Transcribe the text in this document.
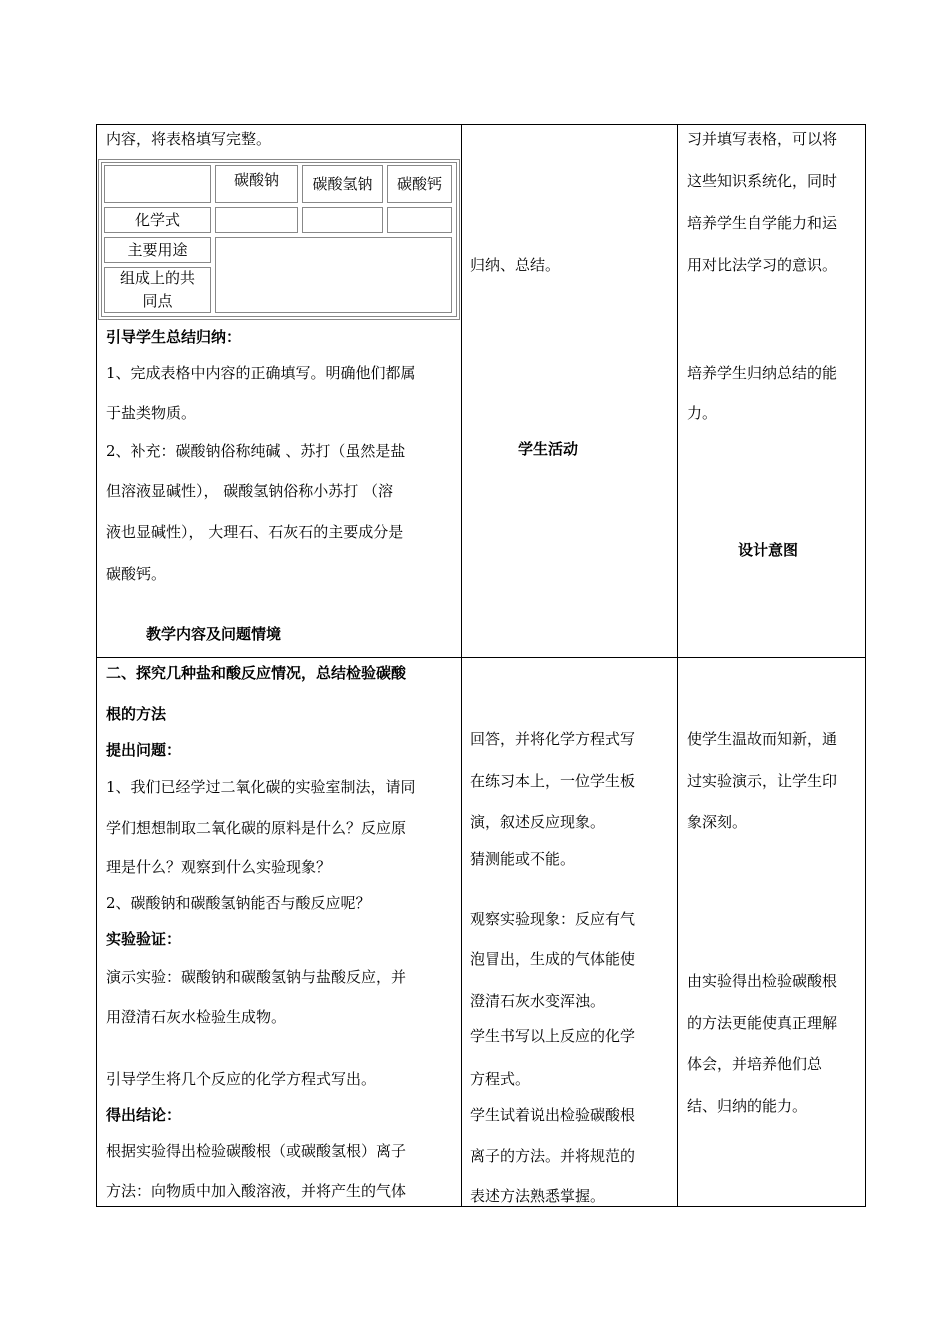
内容，将表格填写完整。
碳酸钠	碳酸氢钠	碳酸钙
化学式
主要用途
组成上的共同点
引导学生总结归纳：
1、完成表格中内容的正确填写。明确他们都属
于盐类物质。
2、补充：碳酸钠俗称纯碱 、苏打（虽然是盐
但溶液显碱性）， 碳酸氢钠俗称小苏打 （溶
液也显碱性）， 大理石、石灰石的主要成分是
碳酸钙。
教学内容及问题情境
归纳、总结。
学生活动
习并填写表格，可以将
这些知识系统化，同时
培养学生自学能力和运
用对比法学习的意识。
培养学生归纳总结的能
力。
设计意图
二、探究几种盐和酸反应情况，总结检验碳酸
根的方法
提出问题：
1、我们已经学过二氧化碳的实验室制法，请同
学们想想制取二氧化碳的原料是什么？反应原
理是什么？观察到什么实验现象？
2、碳酸钠和碳酸氢钠能否与酸反应呢？
实验验证：
演示实验：碳酸钠和碳酸氢钠与盐酸反应，并
用澄清石灰水检验生成物。
引导学生将几个反应的化学方程式写出。
得出结论：
根据实验得出检验碳酸根（或碳酸氢根）离子
方法：向物质中加入酸溶液，并将产生的气体
回答，并将化学方程式写
在练习本上，一位学生板
演，叙述反应现象。
猜测能或不能。
观察实验现象：反应有气
泡冒出，生成的气体能使
澄清石灰水变浑浊。
学生书写以上反应的化学
方程式。
学生试着说出检验碳酸根
离子的方法。并将规范的
表述方法熟悉掌握。
使学生温故而知新，通
过实验演示，让学生印
象深刻。
由实验得出检验碳酸根
的方法更能使真正理解
体会，并培养他们总
结、归纳的能力。
